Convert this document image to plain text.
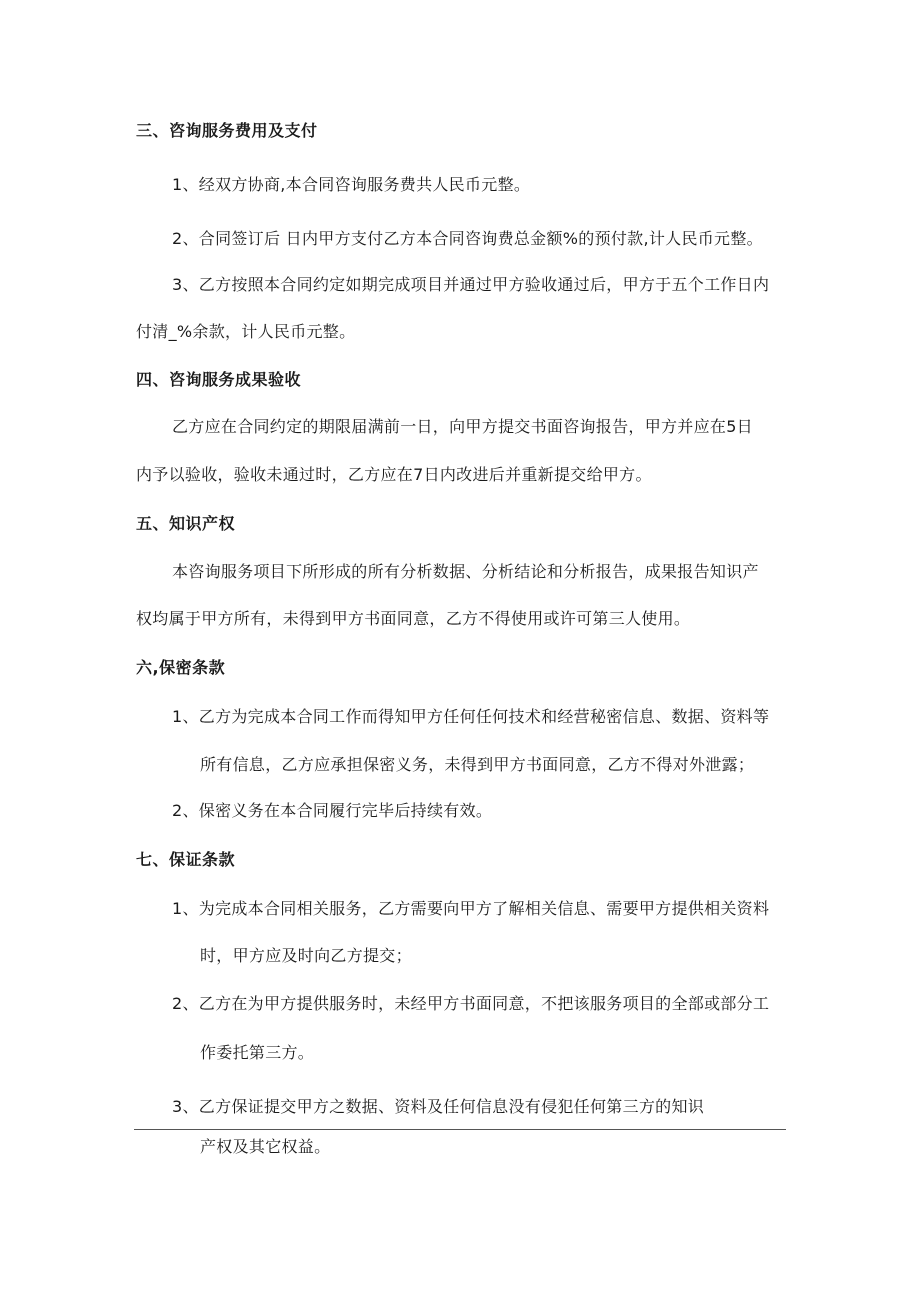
三、咨询服务费用及支付
1、经双方协商,本合同咨询服务费共人民币元整。
2、合同签订后 日内甲方支付乙方本合同咨询费总金额%的预付款,计人民币元整。
3、乙方按照本合同约定如期完成项目并通过甲方验收通过后，甲方于五个工作日内
付清_%余款，计人民币元整。
四、咨询服务成果验收
乙方应在合同约定的期限届满前一日，向甲方提交书面咨询报告，甲方并应在5日
内予以验收，验收未通过时，乙方应在7日内改进后并重新提交给甲方。
五、知识产权
本咨询服务项目下所形成的所有分析数据、分析结论和分析报告，成果报告知识产
权均属于甲方所有，未得到甲方书面同意，乙方不得使用或许可第三人使用。
六,保密条款
1、乙方为完成本合同工作而得知甲方任何任何技术和经营秘密信息、数据、资料等
所有信息，乙方应承担保密义务，未得到甲方书面同意，乙方不得对外泄露；
2、保密义务在本合同履行完毕后持续有效。
七、保证条款
1、为完成本合同相关服务，乙方需要向甲方了解相关信息、需要甲方提供相关资料
时，甲方应及时向乙方提交；
2、乙方在为甲方提供服务时，未经甲方书面同意，不把该服务项目的全部或部分工
作委托第三方。
3、乙方保证提交甲方之数据、资料及任何信息没有侵犯任何第三方的知识
产权及其它权益。
